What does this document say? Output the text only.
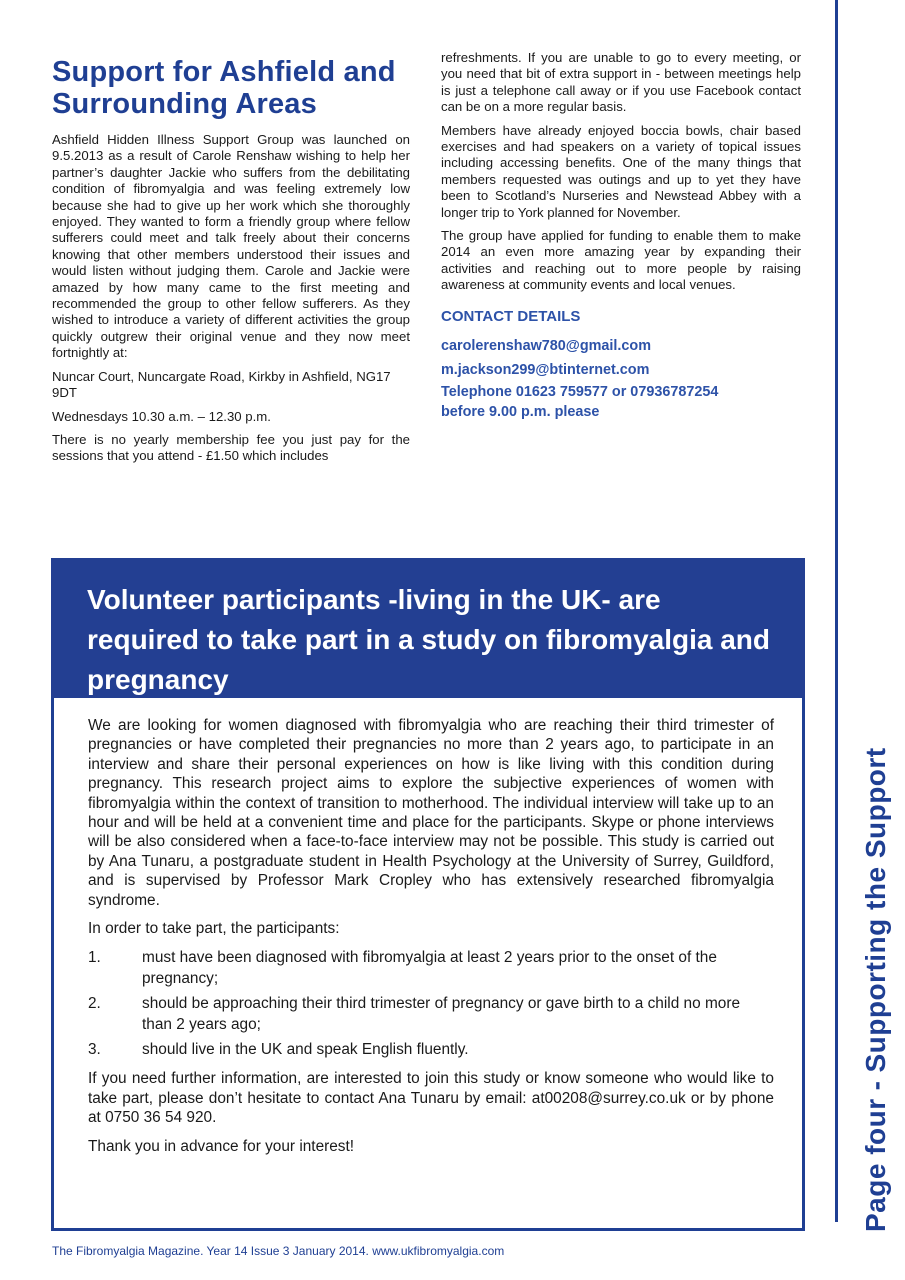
Support for Ashfield and Surrounding Areas

Ashfield Hidden Illness Support Group was launched on 9.5.2013 as a result of Carole Renshaw wishing to help her partner’s daughter Jackie who suffers from the debilitating condition of fibromyalgia and was feeling extremely low because she had to give up her work which she thoroughly enjoyed. They wanted to form a friendly group where fellow sufferers could meet and talk freely about their concerns knowing that other members understood their issues and would listen without judging them. Carole and Jackie were amazed by how many came to the first meeting and recommended the group to other fellow sufferers. As they wished to introduce a variety of different activities the group quickly outgrew their original venue and they now meet fortnightly at:

Nuncar Court, Nuncargate Road, Kirkby in Ashfield, NG17 9DT

Wednesdays 10.30 a.m. – 12.30 p.m.

There is no yearly membership fee you just pay for the sessions that you attend - £1.50 which includes

refreshments. If you are unable to go to every meeting, or you need that bit of extra support in - between meetings help is just a telephone call away or if you use Facebook contact can be on a more regular basis.

Members have already enjoyed boccia bowls, chair based exercises and had speakers on a variety of topical issues including accessing benefits. One of the many things that members requested was outings and up to yet they have been to Scotland’s Nurseries and Newstead Abbey with a longer trip to York planned for November.

The group have applied for funding to enable them to make 2014 an even more amazing year by expanding their activities and reaching out to more people by raising awareness at community events and local venues.

CONTACT DETAILS

carolerenshaw780@gmail.com

m.jackson299@btinternet.com

Telephone 01623 759577 or 07936787254

before 9.00 p.m. please

Volunteer participants -living in the UK- are required to take part in a study on fibromyalgia and pregnancy

We are looking for women diagnosed with fibromyalgia who are reaching their third trimester of pregnancies or have completed their pregnancies no more than 2 years ago, to participate in an interview and share their personal experiences on how is like living with this condition during pregnancy. This research project aims to explore the subjective experiences of women with fibromyalgia within the context of transition to motherhood. The individual interview will take up to an hour and will be held at a convenient time and place for the participants. Skype or phone interviews will be also considered when a face-to-face interview may not be possible. This study is carried out by Ana Tunaru, a postgraduate student in Health Psychology at the University of Surrey, Guildford, and is supervised by Professor Mark Cropley who has extensively researched fibromyalgia syndrome.

In order to take part, the participants:

1.	must have been diagnosed with fibromyalgia at least 2 years prior to the onset of the pregnancy;
2.	should be approaching their third trimester of pregnancy or gave birth to a child no more than 2 years ago;
3.	should live in the UK and speak English fluently.

If you need further information, are interested to join this study or know someone who would like to take part, please don’t hesitate to contact Ana Tunaru by email: at00208@surrey.co.uk or by phone at 0750 36 54 920.

Thank you in advance for your interest!	Page four-Supporting the Support
The Fibromyalgia Magazine. Year 14 Issue 3 January 2014. www.ukfibromyalgia.com
